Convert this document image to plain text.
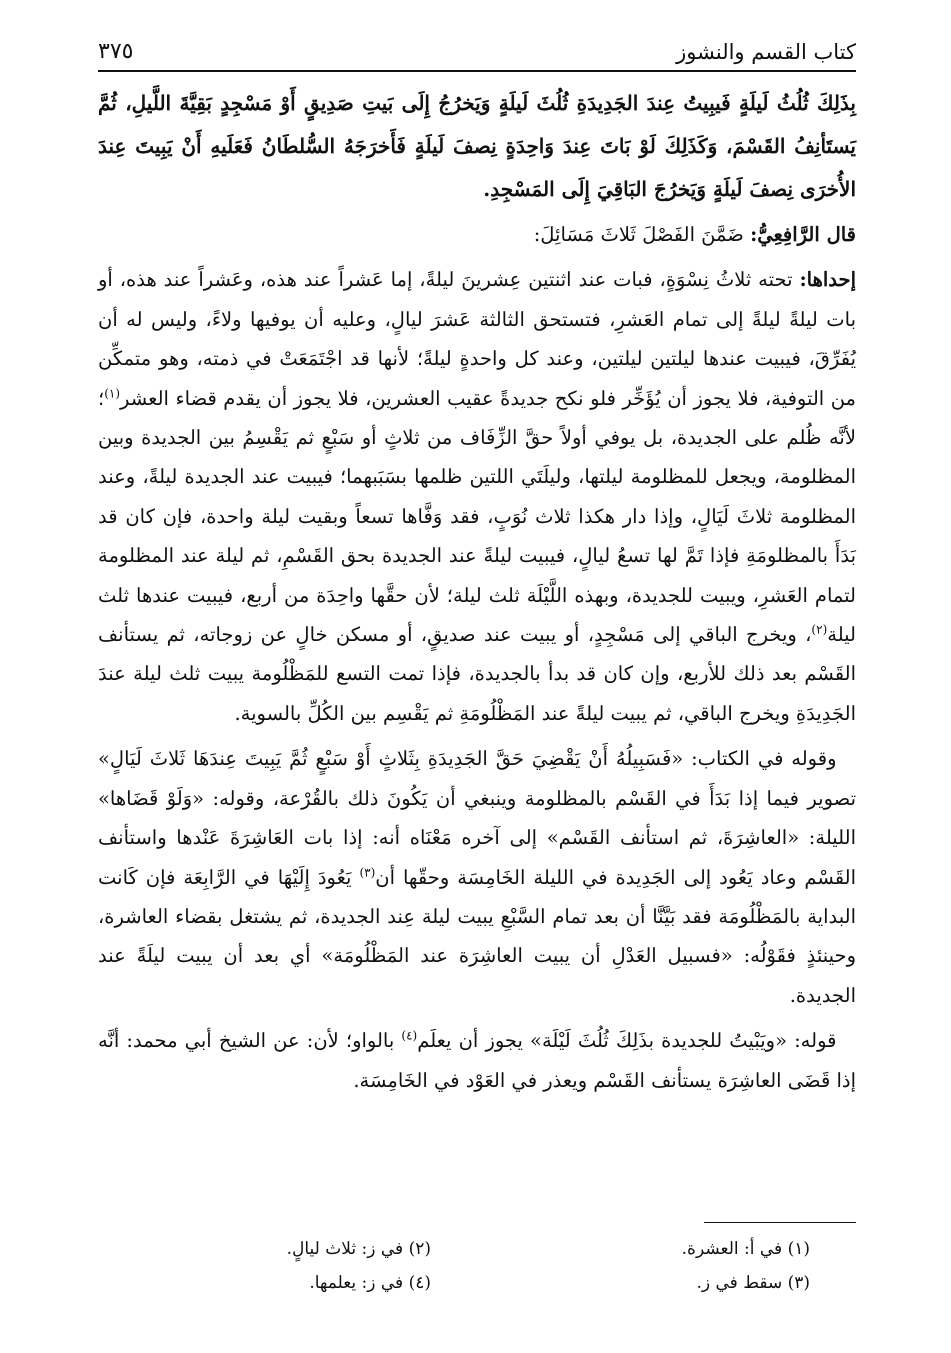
كتاب القسم والنشوز
٣٧٥

بِذَلِكَ ثُلُثُ لَيلَةٍ فَيبِيتُ عِندَ الجَدِيدَةِ ثُلُثَ لَيلَةٍ وَيَخرُجُ إِلَى بَيتِ صَدِيقٍ أَوْ مَسْجِدٍ بَقِيَّةَ اللَّيلِ، ثُمَّ يَستَأنِفُ القَسْمَ، وَكَذَلِكَ لَوْ بَاتَ عِندَ وَاحِدَةٍ نِصفَ لَيلَةٍ فَأَخرَجَهُ السُّلطَانُ فَعَلَيهِ أَنْ يَبِيتَ عِندَ الأُخرَى نِصفَ لَيلَةٍ وَيَخرُجَ البَاقِيَ إِلَى المَسْجِدِ.

قال الرَّافِعِيُّ: ضَمَّنَ الفَصْلَ ثَلاثَ مَسَائِلَ:

إحداها: تحته ثلاثُ نِسْوَةٍ، فبات عند اثنتين عِشرينَ ليلةً، إما عَشراً عند هذه، وعَشراً عند هذه، أو بات ليلةً ليلةً إلى تمام العَشرِ، فتستحق الثالثة عَشرَ ليالٍ، وعليه أن يوفيها ولاءً، وليس له أن يُفَرِّقَ، فيبيت عندها ليلتين ليلتين، وعند كل واحدةٍ ليلةً؛ لأنها قد اجْتَمَعَتْ في ذمته، وهو متمكِّن من التوفية، فلا يجوز أن يُؤَخِّر فلو نكح جديدةً عقيب العشرين، فلا يجوز أن يقدم قضاء العشر$^{(١)}$؛ لأنَّه ظُلم على الجديدة، بل يوفي أولاً حقَّ الزِّفَاف من ثلاثٍ أو سَبْعٍ ثم يَقْسِمُ بين الجديدة وبين المظلومة، ويجعل للمظلومة ليلتها، وليلَتَي اللتين ظلمها بسَبَبهما؛ فيبيت عند الجديدة ليلةً، وعند المظلومة ثلاثَ لَيَالٍ، وإذا دار هكذا ثلاث نُوَبٍ، فقد وَفَّاها تسعاً وبقيت ليلة واحدة، فإن كان قد بَدَأَ بالمظلومَةِ فإذا تَمَّ لها تسعُ ليالٍ، فيبيت ليلةً عند الجديدة بحق القَسْمِ، ثم ليلة عند المظلومة لتمام العَشرِ، ويبيت للجديدة، وبهذه اللَّيْلَة ثلث ليلة؛ لأن حقَّها واحِدَة من أربع، فيبيت عندها ثلث ليلة$^{(٢)}$، ويخرج الباقي إلى مَسْجِدٍ، أو يبيت عند صديقٍ، أو مسكن خالٍ عن زوجاته، ثم يستأنف القَسْم بعد ذلك للأربع، وإن كان قد بدأ بالجديدة، فإذا تمت التسع للمَظْلُومة يبيت ثلث ليلة عندَ الجَدِيدَةِ ويخرج الباقي، ثم يبيت ليلةً عند المَظْلُومَةِ ثم يَقْسِم بين الكُلِّ بالسوية.

 وقوله في الكتاب: «فَسَبِيلُهُ أَنْ يَقْضِيَ حَقَّ الجَدِيدَةِ بِثَلاثٍ أَوْ سَبْعٍ ثُمَّ يَبِيتَ عِندَهَا ثَلاثَ لَيَالٍ» تصوير فيما إذا بَدَأَ في القَسْم بالمظلومة وينبغي أن يَكُونَ ذلك بالقُرْعة، وقوله: «وَلَوْ قَضَاها» الليلة: «العاشِرَةَ، ثم استأنف القَسْم» إلى آخره مَعْنَاه أنه: إذا بات العَاشِرَةَ عَنْدها واستأنف القَسْم وعاد يَعُود إلى الجَدِيدة في الليلة الخَامِسَة وحقّها أن$^{(٣)}$ يَعُودَ إِلَيْهَا في الرَّابِعَة فإن كَانت البداية بالمَظْلُومَة فقد بَيَّنَّا أن بعد تمام السَّبْعِ يبيت ليلة عِند الجديدة، ثم يشتغل بقضاء العاشرة، وحينئذٍ فقَوْلُه: «فسبيل العَدْلِ أن يبيت العاشِرَة عند المَظْلُومَة» أي بعد أن يبيت ليلَةً عند الجديدة.

 قوله: «ويَبْيتُ للجديدة بذَلِكَ ثُلُثَ لَيْلَة» يجوز أن يعلَم$^{(٤)}$ بالواو؛ لأن: عن الشيخ أبي محمد: أنَّه إذا قَضَى العاشِرَة يستأنف القَسْم ويعذر في العَوْد في الخَامِسَة.

(١) في أ: العشرة.
(٢) في ز: ثلاث ليالٍ.
(٣) سقط في ز.
(٤) في ز: يعلمها.
